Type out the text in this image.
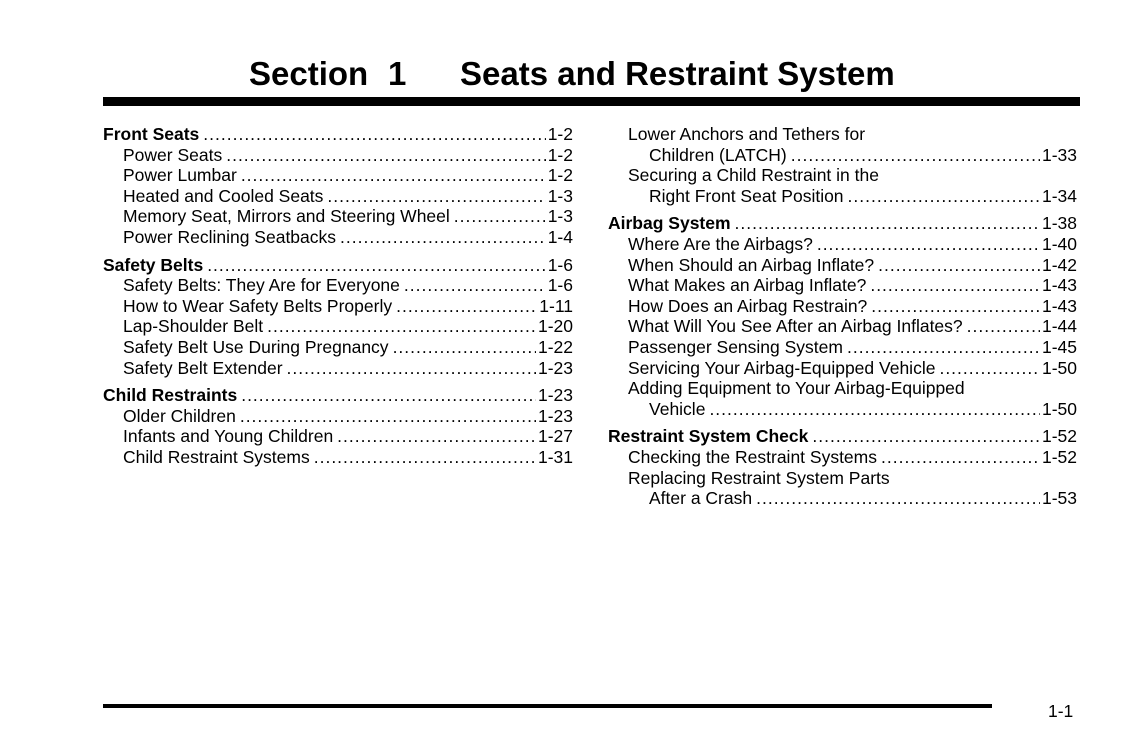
Section 1 Seats and Restraint System
Front Seats .....	1-2
Power Seats .....	1-2
Power Lumbar .....	1-2
Heated and Cooled Seats .....	1-3
Memory Seat, Mirrors and Steering Wheel .....	1-3
Power Reclining Seatbacks .....	1-4
Safety Belts .....	1-6
Safety Belts: They Are for Everyone .....	1-6
How to Wear Safety Belts Properly .....	1-11
Lap-Shoulder Belt .....	1-20
Safety Belt Use During Pregnancy .....	1-22
Safety Belt Extender .....	1-23
Child Restraints .....	1-23
Older Children .....	1-23
Infants and Young Children .....	1-27
Child Restraint Systems .....	1-31
Lower Anchors and Tethers for
Children (LATCH) .....	1-33
Securing a Child Restraint in the
Right Front Seat Position .....	1-34
Airbag System .....	1-38
Where Are the Airbags? .....	1-40
When Should an Airbag Inflate? .....	1-42
What Makes an Airbag Inflate? .....	1-43
How Does an Airbag Restrain? .....	1-43
What Will You See After an Airbag Inflates? .....	1-44
Passenger Sensing System .....	1-45
Servicing Your Airbag-Equipped Vehicle .....	1-50
Adding Equipment to Your Airbag-Equipped
Vehicle .....	1-50
Restraint System Check .....	1-52
Checking the Restraint Systems .....	1-52
Replacing Restraint System Parts
After a Crash .....	1-53
1-1
